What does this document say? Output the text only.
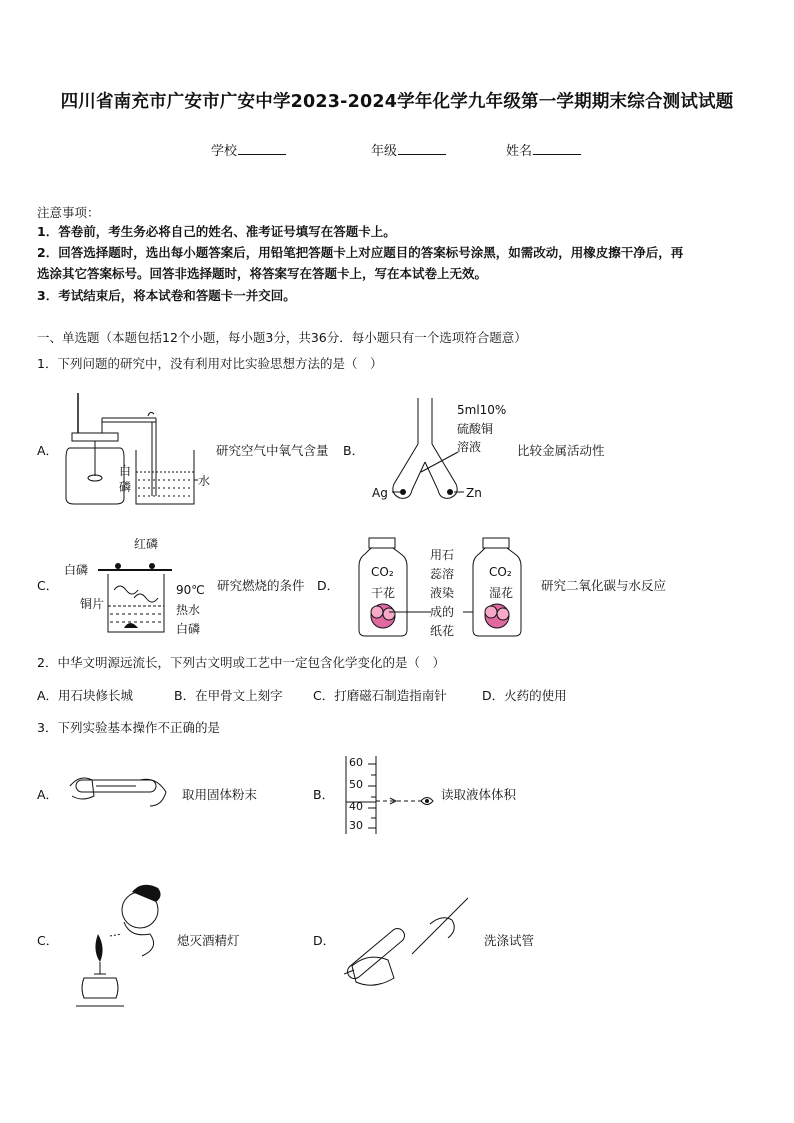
四川省南充市广安市广安中学2023-2024学年化学九年级第一学期期末综合测试试题
学校	年级	姓名
注意事项：
1．答卷前，考生务必将自己的姓名、准考证号填写在答题卡上。
2．回答选择题时，选出每小题答案后，用铅笔把答题卡上对应题目的答案标号涂黑，如需改动，用橡皮擦干净后，再
选涂其它答案标号。回答非选择题时，将答案写在答题卡上，写在本试卷上无效。
3．考试结束后，将本试卷和答题卡一并交回。
一、单选题（本题包括12个小题，每小题3分，共36分．每小题只有一个选项符合题意）
1．下列问题的研究中，没有利用对比实验思想方法的是（　）
A．
白
磷	水
研究空气中氧气含量 B．
5ml10%
硫酸铜
溶液
Ag	Zn
比较金属活动性
C．
红磷
白磷
铜片
90℃
热水
白磷
研究燃烧的条件 D．
CO₂
干花
CO₂
湿花
用石
蕊溶
液染
成的
纸花
研究二氧化碳与水反应
2．中华文明源远流长，下列古文明或工艺中一定包含化学变化的是（　）
A．用石块修长城	B．在甲骨文上刻字 C．打磨磁石制造指南针	D．火药的使用
3．下列实验基本操作不正确的是
A．	取用固体粉末	B．
60
50
40
30
读取液体体积
C．	熄灭酒精灯	D．	洗涤试管
